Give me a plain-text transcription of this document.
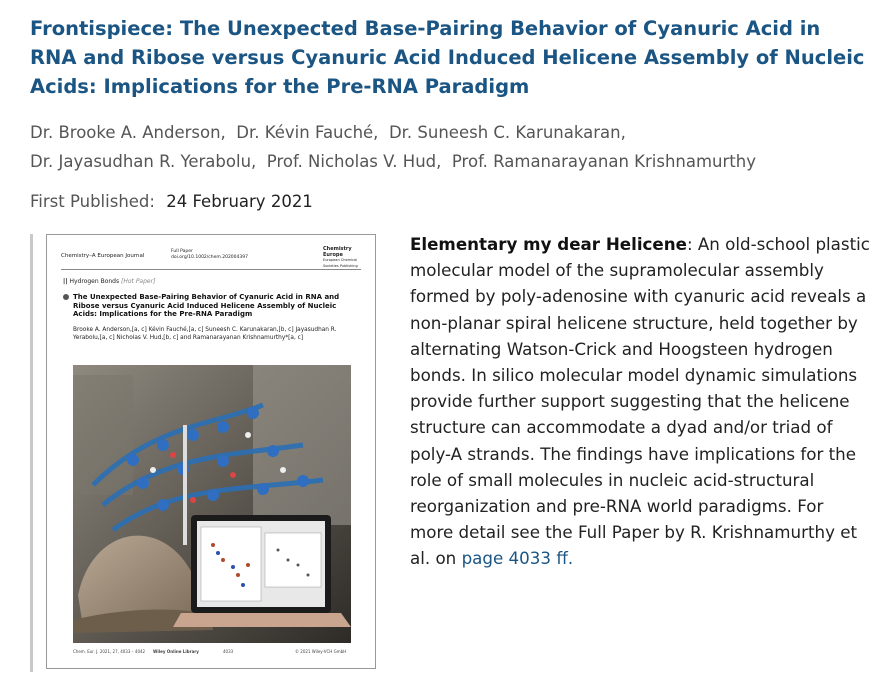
Frontispiece: The Unexpected Base-Pairing Behavior of Cyanuric Acid in RNA and Ribose versus Cyanuric Acid Induced Helicene Assembly of Nucleic Acids: Implications for the Pre-RNA Paradigm
Dr. Brooke A. Anderson, Dr. Kévin Fauché, Dr. Suneesh C. Karunakaran,
Dr. Jayasudhan R. Yerabolu, Prof. Nicholas V. Hud, Prof. Ramanarayanan Krishnamurthy
First Published: 24 February 2021
Chemistry–A European Journal
Full Paper
doi.org/10.1002/chem.202004397
Chemistry Europe
European Chemical Societies Publishing
|| Hydrogen Bonds [Hot Paper]
The Unexpected Base-Pairing Behavior of Cyanuric Acid in RNA and Ribose versus Cyanuric Acid Induced Helicene Assembly of Nucleic Acids: Implications for the Pre-RNA Paradigm
Brooke A. Anderson,[a, c] Kévin Fauché,[a, c] Suneesh C. Karunakaran,[b, c] Jayasudhan R. Yerabolu,[a, c] Nicholas V. Hud,[b, c] and Ramanarayanan Krishnamurthy*[a, c]
Chem. Eur. J. 2021, 27, 4033 – 4042 Wiley Online Library	4033	© 2021 Wiley-VCH GmbH
Elementary my dear Helicene: An old-school plastic molecular model of the supramolecular assembly formed by poly-adenosine with cyanuric acid reveals a non-planar spiral helicene structure, held together by alternating Watson-Crick and Hoogsteen hydrogen bonds. In silico molecular model dynamic simulations provide further support suggesting that the helicene structure can accommodate a dyad and/or triad of poly-A strands. The findings have implications for the role of small molecules in nucleic acid-structural reorganization and pre-RNA world paradigms. For more detail see the Full Paper by R. Krishnamurthy et al. on page 4033 ff.
